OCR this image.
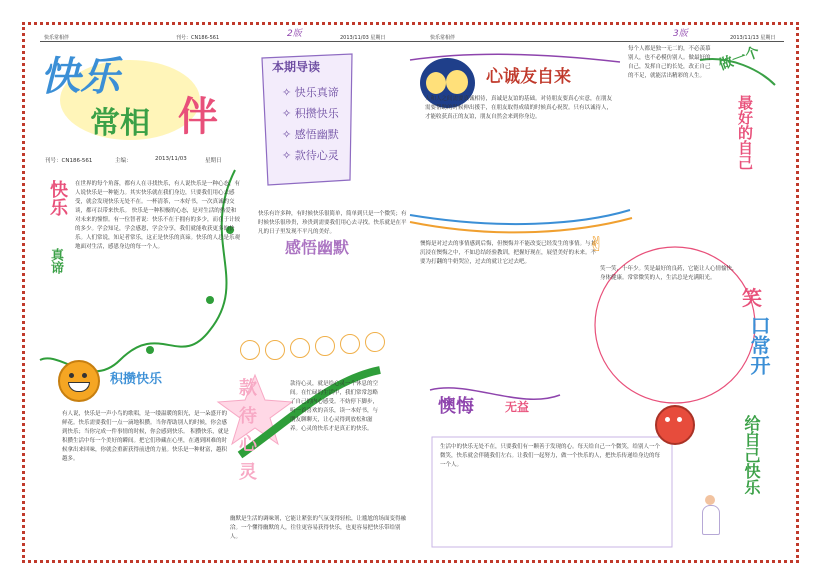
快乐常相伴	刊号：CN186-561	2版	2013/11/03 星期日	快乐常相伴	3版	2013/11/13 星期日
快乐
常相 伴
刊号：CN186-561	主编：	2013/11/03	星期日
本期导读
✧ 快乐真谛
✧ 积攒快乐
✧ 感悟幽默
✧ 款待心灵
快乐
真谛
在世界的每个角落，都有人在寻找快乐，有人说快乐是一种心态，有人说快乐是一种能力。其实快乐就在我们身边，只要我们用心去感受，就会发现快乐无处不在。一杯清茶，一本好书，一次真诚的交谈，都可以带来快乐。 快乐是一种积极的心态，是对生活的热爱和对未来的憧憬。有一位智者说：快乐不在于拥有的多少，而在于计较的多少。学会知足，学会感恩，学会分享，我们就能收获更多的快乐。人们常说，知足者常乐，这正是快乐的真谛。快乐的人总是乐观地面对生活，感恩身边的每一个人。
积攒快乐
有人说，快乐是一声小鸟的歌唱，是一缕温暖的阳光，是一朵盛开的鲜花。快乐需要我们一点一滴地积攒。当你帮助别人的时候，你会感到快乐；当你完成一件事情的时候，你会感到快乐。 积攒快乐，就是积攒生活中每一个美好的瞬间。把它们珍藏在心里，在遇到困难的时候拿出来回味，你就会重新获得前进的力量。快乐是一种财富，越积越多。
快乐有许多种，有时候快乐很简单，简单到只是一个微笑；有时候快乐很珍贵，珍贵到需要我们用心去寻找。快乐就是在平凡的日子里发现不平凡的美好。
感悟幽默
款待心灵	款待心灵，就是给心灵一个休息的空间。在忙碌的生活中，我们常常忽略了自己的内心感受。不妨停下脚步，听一首喜欢的音乐，读一本好书，与朋友聊聊天，让心灵得到放松和滋养。心灵的快乐才是真正的快乐。
幽默是生活的调味剂，它能让紧张的气氛变得轻松，让尴尬的场面变得融洽。一个懂得幽默的人，往往更容易获得快乐，也更容易把快乐带给别人。
心诚友自来
人和人之间需要真诚相待，真诚是友谊的基础。对待朋友要真心实意，在朋友需要帮助的时候伸出援手，在朋友取得成绩的时候真心祝贺。只有以诚待人，才能收获真正的友谊，朋友自然会来到你身边。
懊悔是对过去的事情感到后悔，但懊悔并不能改变已经发生的事情。与其沉浸在懊悔之中，不如总结经验教训，把握好现在，展望美好的未来。不要为打翻的牛奶哭泣，过去的就让它过去吧。
懊悔	无益
✌
每个人都是独一无二的，不必羡慕别人，也不必模仿别人。做最好的自己，发挥自己的长处，改正自己的不足，就能活出精彩的人生。
做一个
最好的自己
笑一笑，十年少。笑是最好的良药，它能让人心情愉快，身体健康。常常微笑的人，生活总是充满阳光。
笑
口常开
给自己快乐
生活中的快乐无处不在，只要我们有一颗善于发现的心。每天给自己一个微笑，给别人一个微笑，快乐就会伴随我们左右。让我们一起努力，做一个快乐的人，把快乐传递给身边的每一个人。
